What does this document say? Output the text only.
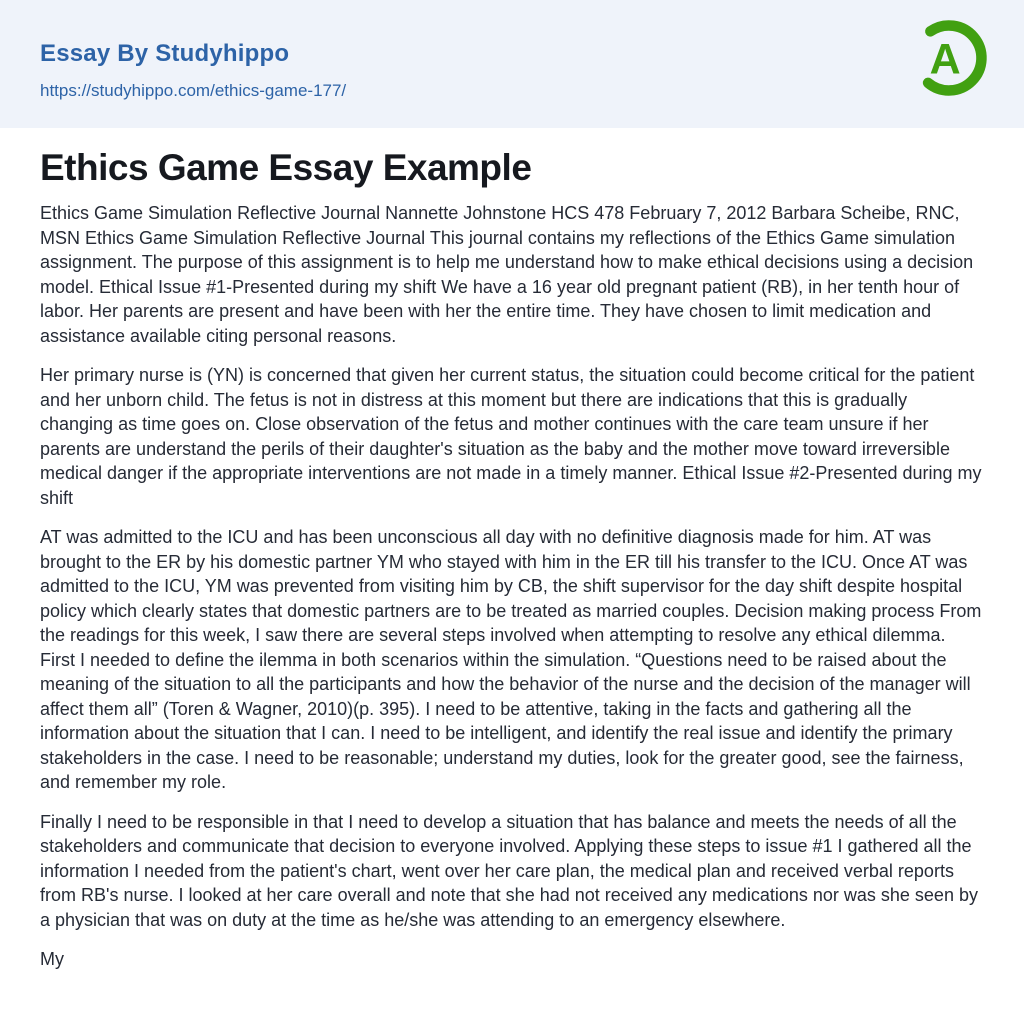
Essay By Studyhippo
https://studyhippo.com/ethics-game-177/
A
Ethics Game Essay Example

Ethics Game Simulation Reflective Journal Nannette Johnstone HCS 478 February 7, 2012 Barbara Scheibe, RNC, MSN Ethics Game Simulation Reflective Journal This journal contains my reflections of the Ethics Game simulation assignment. The purpose of this assignment is to help me understand how to make ethical decisions using a decision model. Ethical Issue #1-Presented during my shift We have a 16 year old pregnant patient (RB), in her tenth hour of labor. Her parents are present and have been with her the entire time. They have chosen to limit medication and assistance available citing personal reasons.

Her primary nurse is (YN) is concerned that given her current status, the situation could become critical for the patient and her unborn child. The fetus is not in distress at this moment but there are indications that this is gradually changing as time goes on. Close observation of the fetus and mother continues with the care team unsure if her parents are understand the perils of their daughter's situation as the baby and the mother move toward irreversible medical danger if the appropriate interventions are not made in a timely manner. Ethical Issue #2-Presented during my shift

AT was admitted to the ICU and has been unconscious all day with no definitive diagnosis made for him. AT was brought to the ER by his domestic partner YM who stayed with him in the ER till his transfer to the ICU. Once AT was admitted to the ICU, YM was prevented from visiting him by CB, the shift supervisor for the day shift despite hospital policy which clearly states that domestic partners are to be treated as married couples. Decision making process From the readings for this week, I saw there are several steps involved when attempting to resolve any ethical dilemma. First I needed to define the ilemma in both scenarios within the simulation. “Questions need to be raised about the meaning of the situation to all the participants and how the behavior of the nurse and the decision of the manager will affect them all” (Toren & Wagner, 2010)(p. 395). I need to be attentive, taking in the facts and gathering all the information about the situation that I can. I need to be intelligent, and identify the real issue and identify the primary stakeholders in the case. I need to be reasonable; understand my duties, look for the greater good, see the fairness, and remember my role.

Finally I need to be responsible in that I need to develop a situation that has balance and meets the needs of all the stakeholders and communicate that decision to everyone involved. Applying these steps to issue #1 I gathered all the information I needed from the patient's chart, went over her care plan, the medical plan and received verbal reports from RB's nurse. I looked at her care overall and note that she had not received any medications nor was she seen by a physician that was on duty at the time as he/she was attending to an emergency elsewhere.

My
